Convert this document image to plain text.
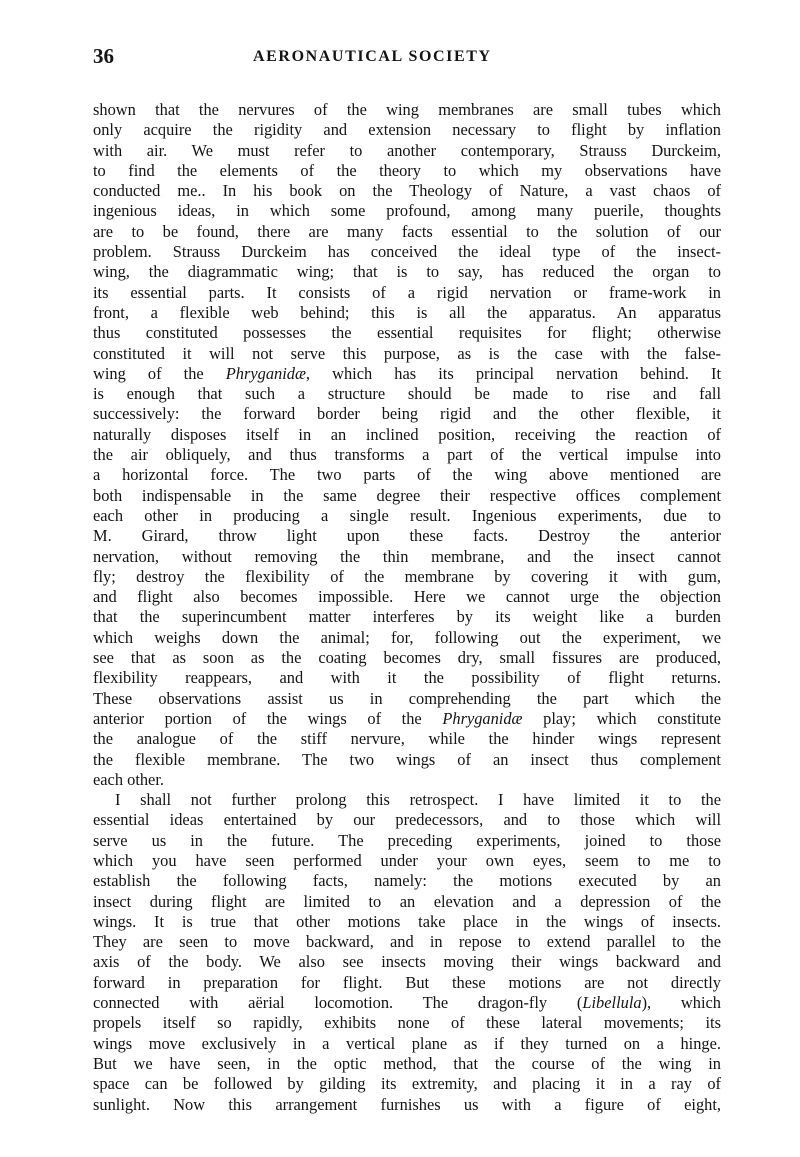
36	AERONAUTICAL SOCIETY
shown that the nervures of the wing membranes are small tubes which
only acquire the rigidity and extension necessary to flight by inflation
with air. We must refer to another contemporary, Strauss Durckeim,
to find the elements of the theory to which my observations have
conducted me.. In his book on the Theology of Nature, a vast chaos of
ingenious ideas, in which some profound, among many puerile, thoughts
are to be found, there are many facts essential to the solution of our
problem. Strauss Durckeim has conceived the ideal type of the insect-
wing, the diagrammatic wing; that is to say, has reduced the organ to
its essential parts. It consists of a rigid nervation or frame-work in
front, a flexible web behind; this is all the apparatus. An apparatus
thus constituted possesses the essential requisites for flight; otherwise
constituted it will not serve this purpose, as is the case with the false-
wing of the Phryganidæ, which has its principal nervation behind. It
is enough that such a structure should be made to rise and fall
successively: the forward border being rigid and the other flexible, it
naturally disposes itself in an inclined position, receiving the reaction of
the air obliquely, and thus transforms a part of the vertical impulse into
a horizontal force. The two parts of the wing above mentioned are
both indispensable in the same degree their respective offices complement
each other in producing a single result. Ingenious experiments, due to
M. Girard, throw light upon these facts. Destroy the anterior
nervation, without removing the thin membrane, and the insect cannot
fly; destroy the flexibility of the membrane by covering it with gum,
and flight also becomes impossible. Here we cannot urge the objection
that the superincumbent matter interferes by its weight like a burden
which weighs down the animal; for, following out the experiment, we
see that as soon as the coating becomes dry, small fissures are produced,
flexibility reappears, and with it the possibility of flight returns.
These observations assist us in comprehending the part which the
anterior portion of the wings of the Phryganidæ play; which constitute
the analogue of the stiff nervure, while the hinder wings represent
the flexible membrane. The two wings of an insect thus complement
each other.
I shall not further prolong this retrospect. I have limited it to the
essential ideas entertained by our predecessors, and to those which will
serve us in the future. The preceding experiments, joined to those
which you have seen performed under your own eyes, seem to me to
establish the following facts, namely: the motions executed by an
insect during flight are limited to an elevation and a depression of the
wings. It is true that other motions take place in the wings of insects.
They are seen to move backward, and in repose to extend parallel to the
axis of the body. We also see insects moving their wings backward and
forward in preparation for flight. But these motions are not directly
connected with aërial locomotion. The dragon-fly (Libellula), which
propels itself so rapidly, exhibits none of these lateral movements; its
wings move exclusively in a vertical plane as if they turned on a hinge.
But we have seen, in the optic method, that the course of the wing in
space can be followed by gilding its extremity, and placing it in a ray of
sunlight. Now this arrangement furnishes us with a figure of eight,
